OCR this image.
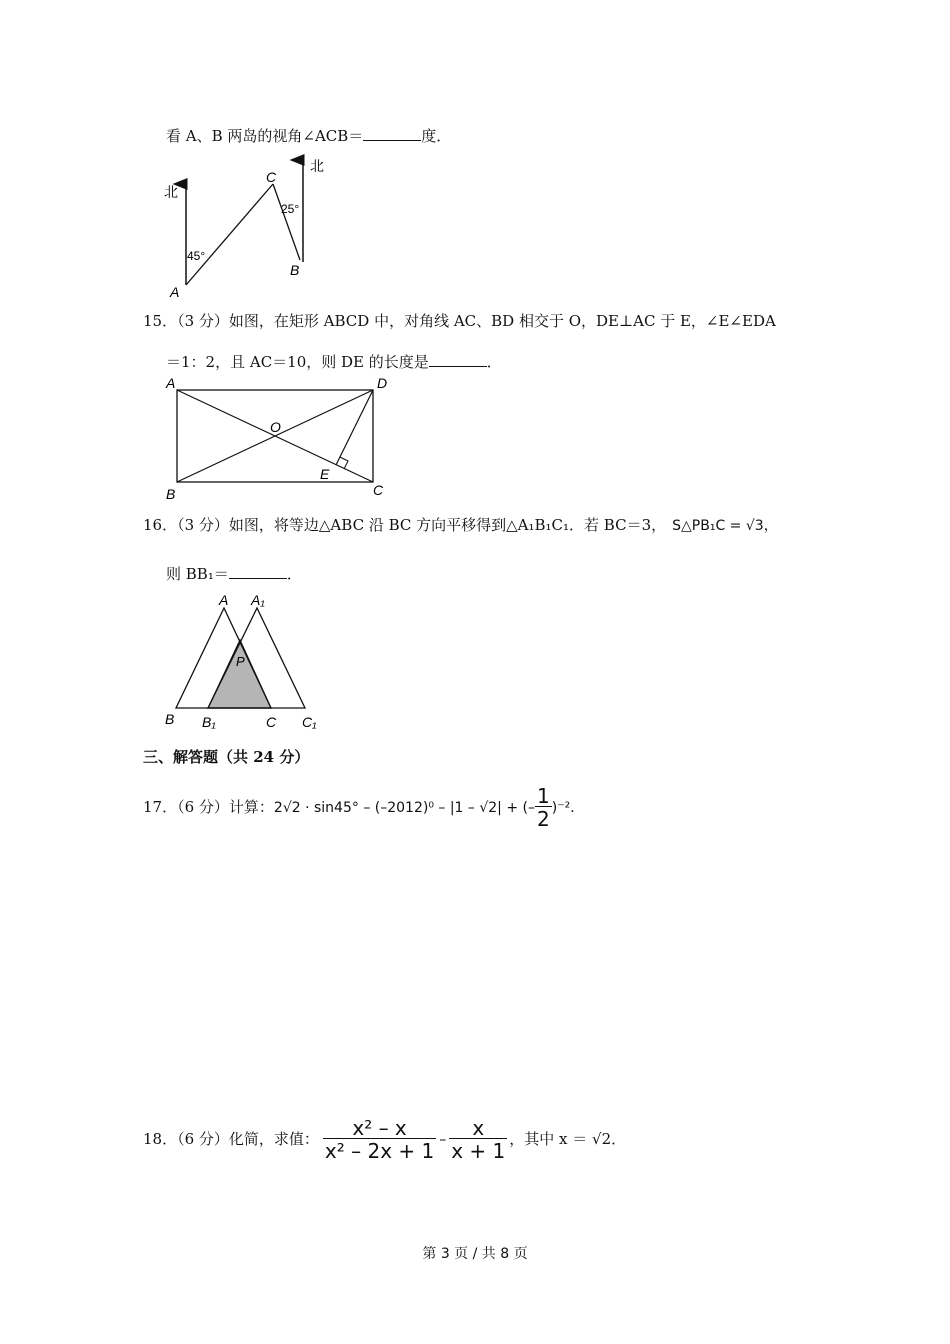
看 A、B 两岛的视角∠ACB＝	度．
北
北
45°
25°
A
B
C
15．（3 分）如图，在矩形 ABCD 中，对角线 AC、BD 相交于 O，DE⊥AC 于 E，∠E∠EDA
＝1：2，且 AC＝10，则 DE 的长度是	．
A	D
B	C
E
O
16．（3 分）如图，将等边△ABC 沿 BC 方向平移得到△A₁B₁C₁．若 BC＝3， S△PB₁C = √3，
则 BB₁＝	．
A A₁
P
B B₁	C C₁
三、解答题（共 24 分）
17．（6 分）计算： 2√2 · sin45° – (–2012)⁰ – |1 – √2| + (– $\frac{1}{2} )^{-2}$．
18．（6 分）化简，求值： $\frac{\text{x² – x}}{\text{x² – 2x + 1}} - \frac{x}{x + 1}$ ，其中 x ＝ √2．
第 3 页 / 共 8 页
